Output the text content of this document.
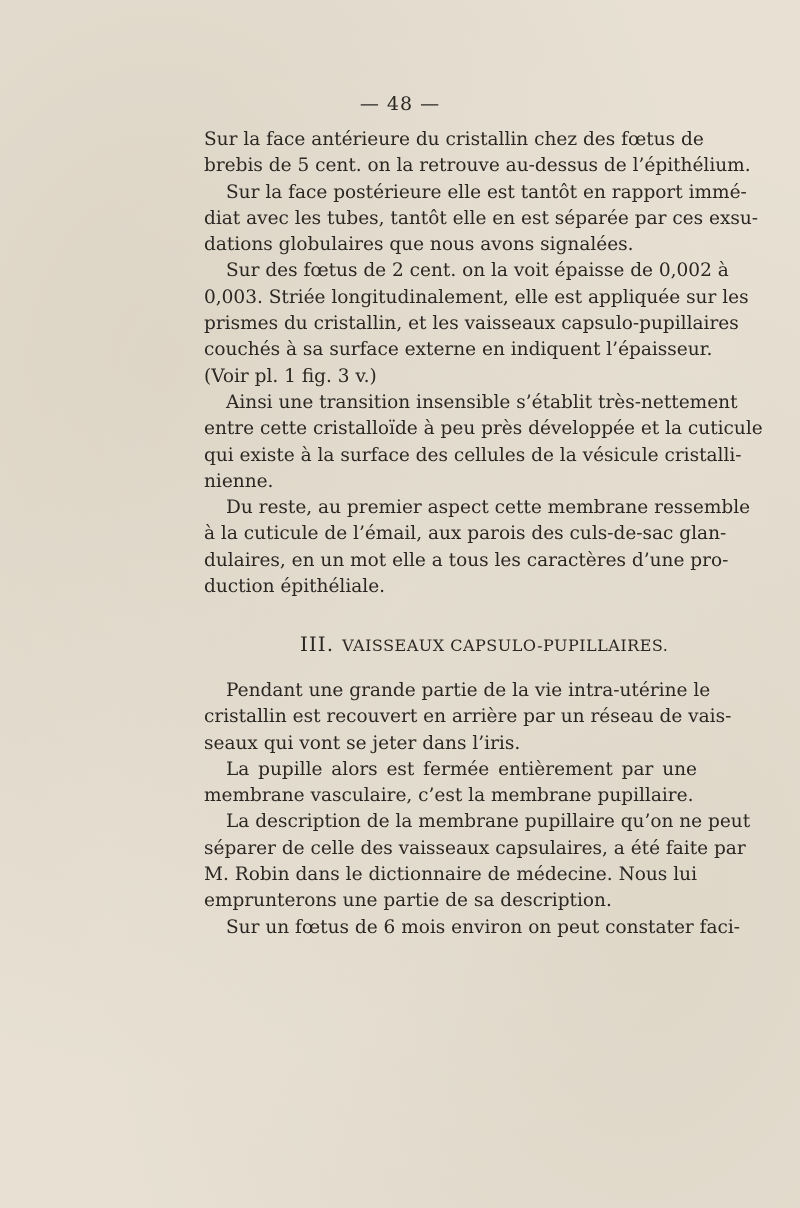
— 48 —
Sur la face antérieure du cristallin chez des fœtus de
brebis de 5 cent. on la retrouve au-dessus de l’épithélium.
Sur la face postérieure elle est tantôt en rapport immé-
diat avec les tubes, tantôt elle en est séparée par ces exsu-
dations globulaires que nous avons signalées.
Sur des fœtus de 2 cent. on la voit épaisse de 0,002 à
0,003. Striée longitudinalement, elle est appliquée sur les
prismes du cristallin, et les vaisseaux capsulo-pupillaires
couchés à sa surface externe en indiquent l’épaisseur.
(Voir pl. 1 fig. 3 v.)
Ainsi une transition insensible s’établit très-nettement
entre cette cristalloïde à peu près développée et la cuticule
qui existe à la surface des cellules de la vésicule cristalli-
nienne.
Du reste, au premier aspect cette membrane ressemble
à la cuticule de l’émail, aux parois des culs-de-sac glan-
dulaires, en un mot elle a tous les caractères d’une pro-
duction épithéliale.
III. VAISSEAUX CAPSULO-PUPILLAIRES.
Pendant une grande partie de la vie intra-utérine le
cristallin est recouvert en arrière par un réseau de vais-
seaux qui vont se jeter dans l’iris.
La pupille alors est fermée entièrement par une
membrane vasculaire, c’est la membrane pupillaire.
La description de la membrane pupillaire qu’on ne peut
séparer de celle des vaisseaux capsulaires, a été faite par
M. Robin dans le dictionnaire de médecine. Nous lui
emprunterons une partie de sa description.
Sur un fœtus de 6 mois environ on peut constater faci-
